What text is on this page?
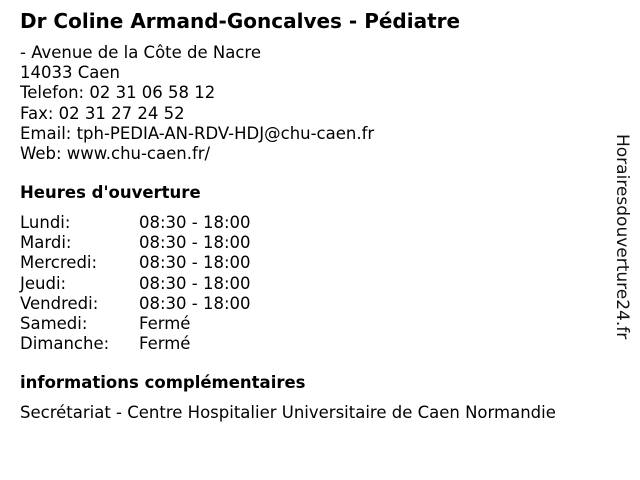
Dr Coline Armand-Goncalves - Pédiatre
- Avenue de la Côte de Nacre
14033 Caen
Telefon: 02 31 06 58 12
Fax: 02 31 27 24 52
Email: tph-PEDIA-AN-RDV-HDJ@chu-caen.fr
Web: www.chu-caen.fr/
Heures d'ouverture
Lundi:	08:30 - 18:00
Mardi:	08:30 - 18:00
Mercredi:	08:30 - 18:00
Jeudi:	08:30 - 18:00
Vendredi: 08:30 - 18:00
Samedi:	Fermé
Dimanche: Fermé
informations complémentaires
Secrétariat - Centre Hospitalier Universitaire de Caen Normandie
Horairesdouverture24.fr
